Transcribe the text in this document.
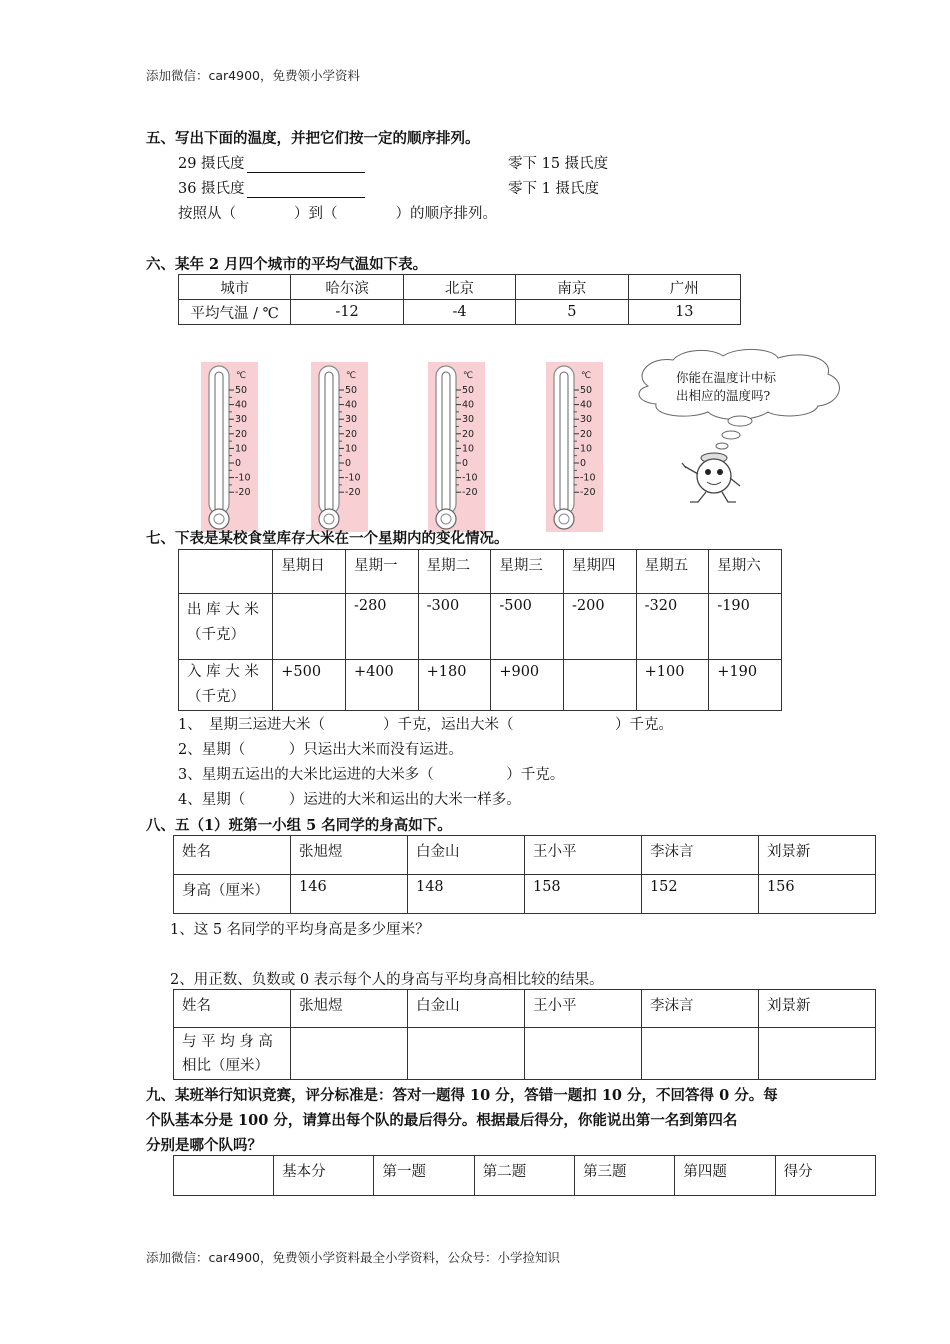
添加微信：car4900，免费领小学资料
五、写出下面的温度，并把它们按一定的顺序排列。
29 摄氏度	零下 15 摄氏度
36 摄氏度	零下 1 摄氏度
按照从（　　　　）到（　　　　）的顺序排列。
六、某年 2 月四个城市的平均气温如下表。
城市	哈尔滨	北京	南京	广州
平均气温 / ℃	-12	-4	5	13
℃
50
40
30
20
10
0
-10
-20
℃
50
40
30
20
10
0
-10
-20
℃
50
40
30
20
10
0
-10
-20
℃
50
40
30
20
10
0
-10
-20
你能在温度计中标
出相应的温度吗?
七、下表是某校食堂库存大米在一个星期内的变化情况。
	星期日	星期一	星期二	星期三	星期四	星期五	星期六

出 库 大 米
（千克）		-280	-300	-500	-200	-320	-190

入 库 大 米
（千克）	+500	+400	+180	+900		+100	+190
1、　星期三运进大米（　　　　）千克，运出大米（　　　　　　　）千克。
2、星期（　　　）只运出大米而没有运进。
3、星期五运出的大米比运进的大米多（　　　　　）千克。
4、星期（　　　）运进的大米和运出的大米一样多。
八、五（1）班第一小组 5 名同学的身高如下。
姓名	张旭煜	白金山	王小平	李沫言	刘景新
身高（厘米）	146	148	158	152	156
1、这 5 名同学的平均身高是多少厘米？
2、用正数、负数或 0 表示每个人的身高与平均身高相比较的结果。
姓名	张旭煜	白金山	王小平	李沫言	刘景新

与 平 均 身 高
相比（厘米）					

九、某班举行知识竞赛，评分标准是：答对一题得 10 分，答错一题扣 10 分，不回答得 0 分。每
个队基本分是 100 分，请算出每个队的最后得分。根据最后得分，你能说出第一名到第四名
分别是哪个队吗？
	基本分	第一题	第二题	第三题	第四题	得分
添加微信：car4900，免费领小学资料最全小学资料，公众号：小学捡知识
